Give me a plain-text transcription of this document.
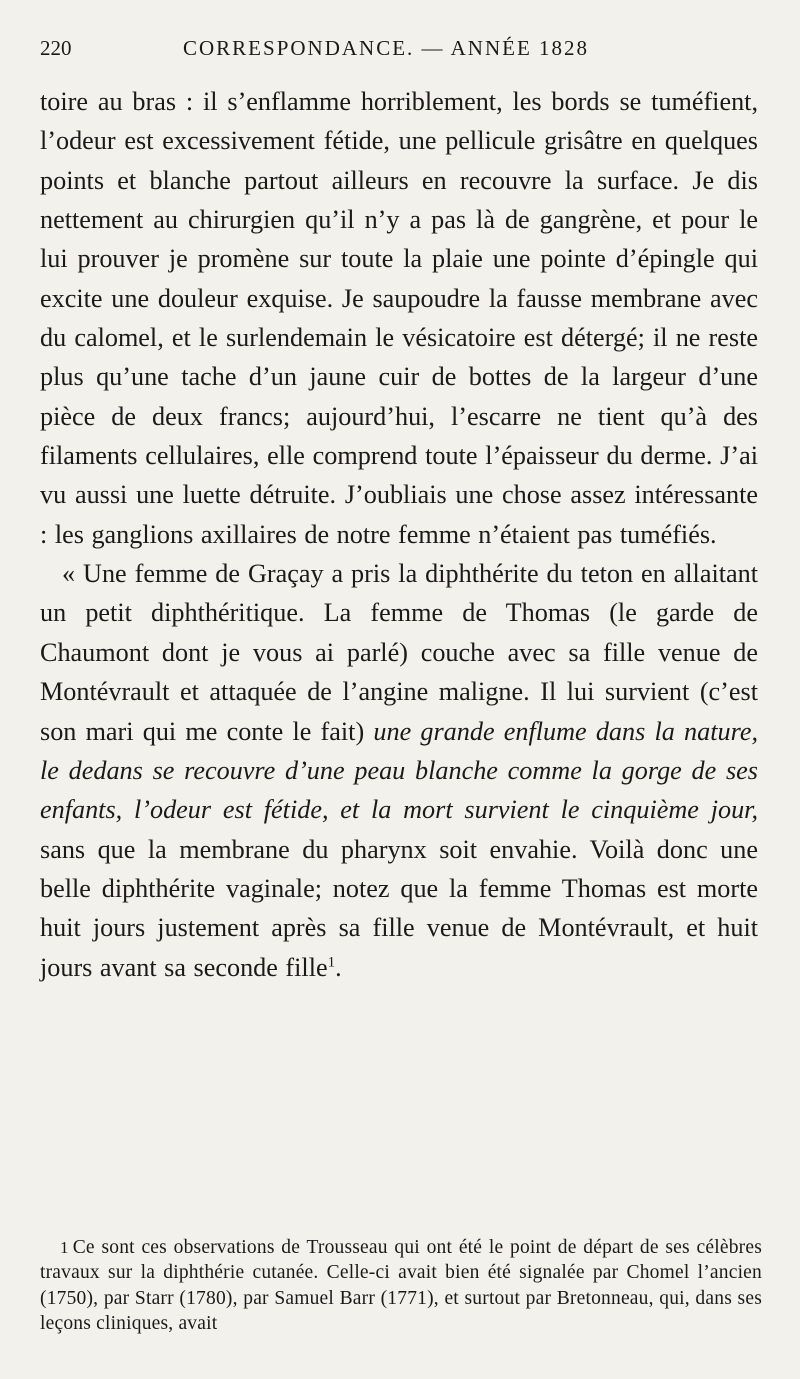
220	CORRESPONDANCE. — ANNÉE 1828

toire au bras : il s’enflamme horriblement, les bords se tuméfient, l’odeur est excessivement fétide, une pellicule grisâtre en quelques points et blanche partout ailleurs en recouvre la surface. Je dis nettement au chirurgien qu’il n’y a pas là de gangrène, et pour le lui prouver je promène sur toute la plaie une pointe d’épingle qui excite une douleur exquise. Je saupoudre la fausse membrane avec du calomel, et le surlendemain le vésicatoire est détergé; il ne reste plus qu’une tache d’un jaune cuir de bottes de la largeur d’une pièce de deux francs; aujourd’hui, l’escarre ne tient qu’à des filaments cellulaires, elle comprend toute l’épaisseur du derme. J’ai vu aussi une luette détruite. J’oubliais une chose assez intéressante : les ganglions axillaires de notre femme n’étaient pas tuméfiés.

« Une femme de Graçay a pris la diphthérite du teton en allaitant un petit diphthéritique. La femme de Thomas (le garde de Chaumont dont je vous ai parlé) couche avec sa fille venue de Montévrault et attaquée de l’angine maligne. Il lui survient (c’est son mari qui me conte le fait) une grande enflume dans la nature, le dedans se recouvre d’une peau blanche comme la gorge de ses enfants, l’odeur est fétide, et la mort survient le cinquième jour, sans que la membrane du pharynx soit envahie. Voilà donc une belle diphthérite vaginale; notez que la femme Thomas est morte huit jours justement après sa fille venue de Montévrault, et huit jours avant sa seconde fille$^1$.

1 Ce sont ces observations de Trousseau qui ont été le point de départ de ses célèbres travaux sur la diphthérie cutanée. Celle-ci avait bien été signalée par Chomel l’ancien (1750), par Starr (1780), par Samuel Barr (1771), et surtout par Bretonneau, qui, dans ses leçons cliniques, avait
